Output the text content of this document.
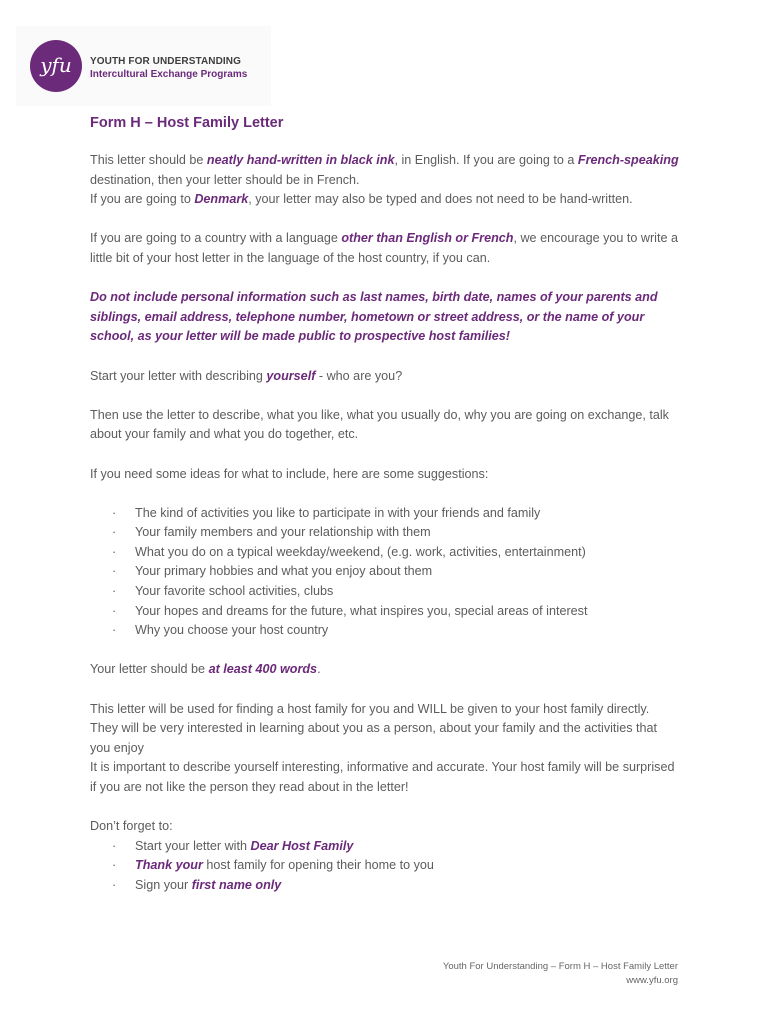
yfu YOUTH FOR UNDERSTANDING
Intercultural Exchange Programs
Form H – Host Family Letter

This letter should be neatly hand-written in black ink, in English. If you are going to a French-speaking destination, then your letter should be in French.

If you are going to Denmark, your letter may also be typed and does not need to be hand-written.

If you are going to a country with a language other than English or French, we encourage you to write a little bit of your host letter in the language of the host country, if you can.

Do not include personal information such as last names, birth date, names of your parents and siblings, email address, telephone number, hometown or street address, or the name of your school, as your letter will be made public to prospective host families!

Start your letter with describing yourself - who are you?

Then use the letter to describe, what you like, what you usually do, why you are going on exchange, talk about your family and what you do together, etc.

If you need some ideas for what to include, here are some suggestions:

· The kind of activities you like to participate in with your friends and family
· Your family members and your relationship with them
· What you do on a typical weekday/weekend, (e.g. work, activities, entertainment)
· Your primary hobbies and what you enjoy about them
· Your favorite school activities, clubs
· Your hopes and dreams for the future, what inspires you, special areas of interest
· Why you choose your host country

Your letter should be at least 400 words.

This letter will be used for finding a host family for you and WILL be given to your host family directly. They will be very interested in learning about you as a person, about your family and the activities that you enjoy

It is important to describe yourself interesting, informative and accurate. Your host family will be surprised if you are not like the person they read about in the letter!

Don’t forget to:

· Start your letter with Dear Host Family
· Thank your host family for opening their home to you
· Sign your first name only
Youth For Understanding – Form H – Host Family Letter
www.yfu.org
